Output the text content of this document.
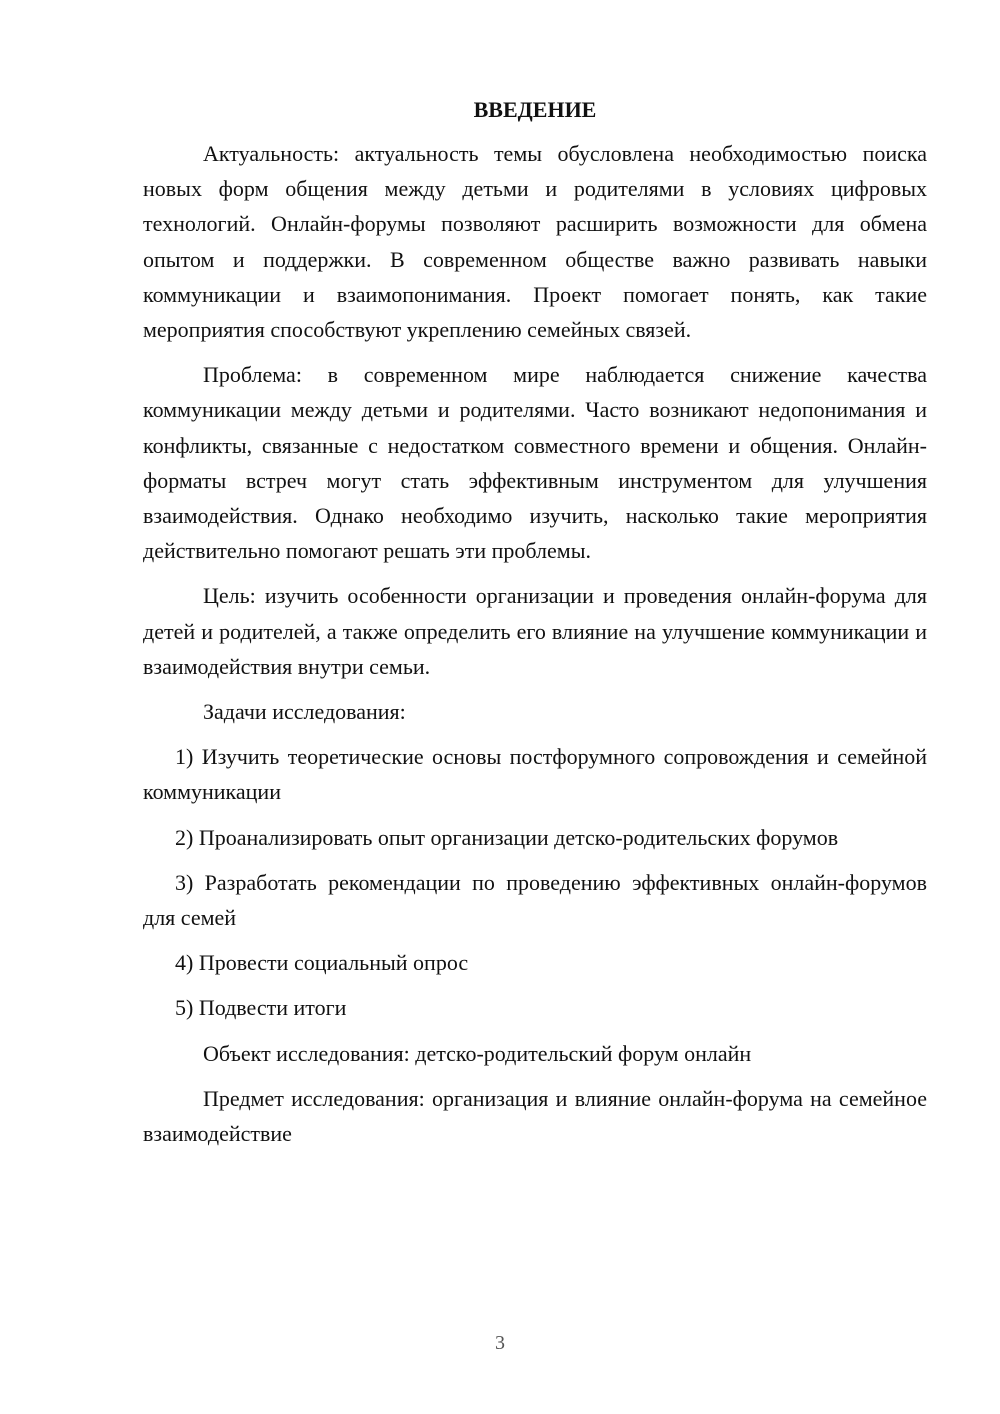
ВВЕДЕНИЕ

Актуальность: актуальность темы обусловлена необходимостью поиска новых форм общения между детьми и родителями в условиях цифровых технологий. Онлайн-форумы позволяют расширить возможности для обмена опытом и поддержки. В современном обществе важно развивать навыки коммуникации и взаимопонимания. Проект помогает понять, как такие мероприятия способствуют укреплению семейных связей.

Проблема: в современном мире наблюдается снижение качества коммуникации между детьми и родителями. Часто возникают недопонимания и конфликты, связанные с недостатком совместного времени и общения. Онлайн-форматы встреч могут стать эффективным инструментом для улучшения взаимодействия. Однако необходимо изучить, насколько такие мероприятия действительно помогают решать эти проблемы.

Цель: изучить особенности организации и проведения онлайн-форума для детей и родителей, а также определить его влияние на улучшение коммуникации и взаимодействия внутри семьи.

Задачи исследования:

1) Изучить теоретические основы постфорумного сопровождения и семейной коммуникации

2) Проанализировать опыт организации детско-родительских форумов

3) Разработать рекомендации по проведению эффективных онлайн-форумов для семей

4) Провести социальный опрос

5) Подвести итоги

Объект исследования: детско-родительский форум онлайн

Предмет исследования: организация и влияние онлайн-форума на семейное взаимодействие

3
